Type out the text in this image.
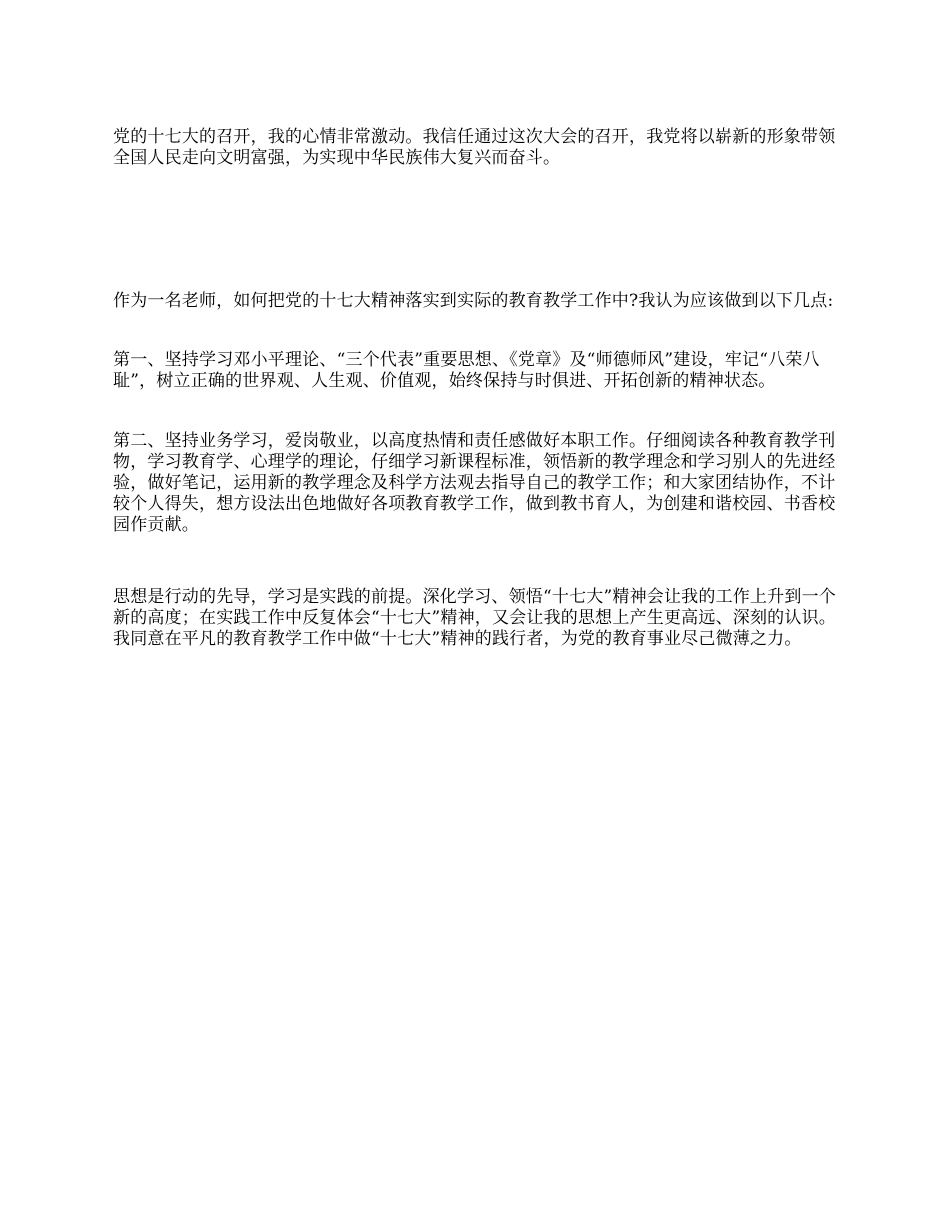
党的十七大的召开，我的心情非常激动。我信任通过这次大会的召开，我党将以崭新的形象带领全国人民走向文明富强，为实现中华民族伟大复兴而奋斗。

作为一名老师，如何把党的十七大精神落实到实际的教育教学工作中?我认为应该做到以下几点:

第一、坚持学习邓小平理论、“三个代表”重要思想、《党章》及“师德师风”建设，牢记“八荣八耻”，树立正确的世界观、人生观、价值观，始终保持与时俱进、开拓创新的精神状态。

第二、坚持业务学习，爱岗敬业，以高度热情和责任感做好本职工作。仔细阅读各种教育教学刊物，学习教育学、心理学的理论，仔细学习新课程标准，领悟新的教学理念和学习别人的先进经验，做好笔记，运用新的教学理念及科学方法观去指导自己的教学工作；和大家团结协作，不计较个人得失，想方设法出色地做好各项教育教学工作，做到教书育人，为创建和谐校园、书香校园作贡献。

思想是行动的先导，学习是实践的前提。深化学习、领悟“十七大”精神会让我的工作上升到一个新的高度；在实践工作中反复体会“十七大”精神，又会让我的思想上产生更高远、深刻的认识。我同意在平凡的教育教学工作中做“十七大”精神的践行者，为党的教育事业尽己微薄之力。
